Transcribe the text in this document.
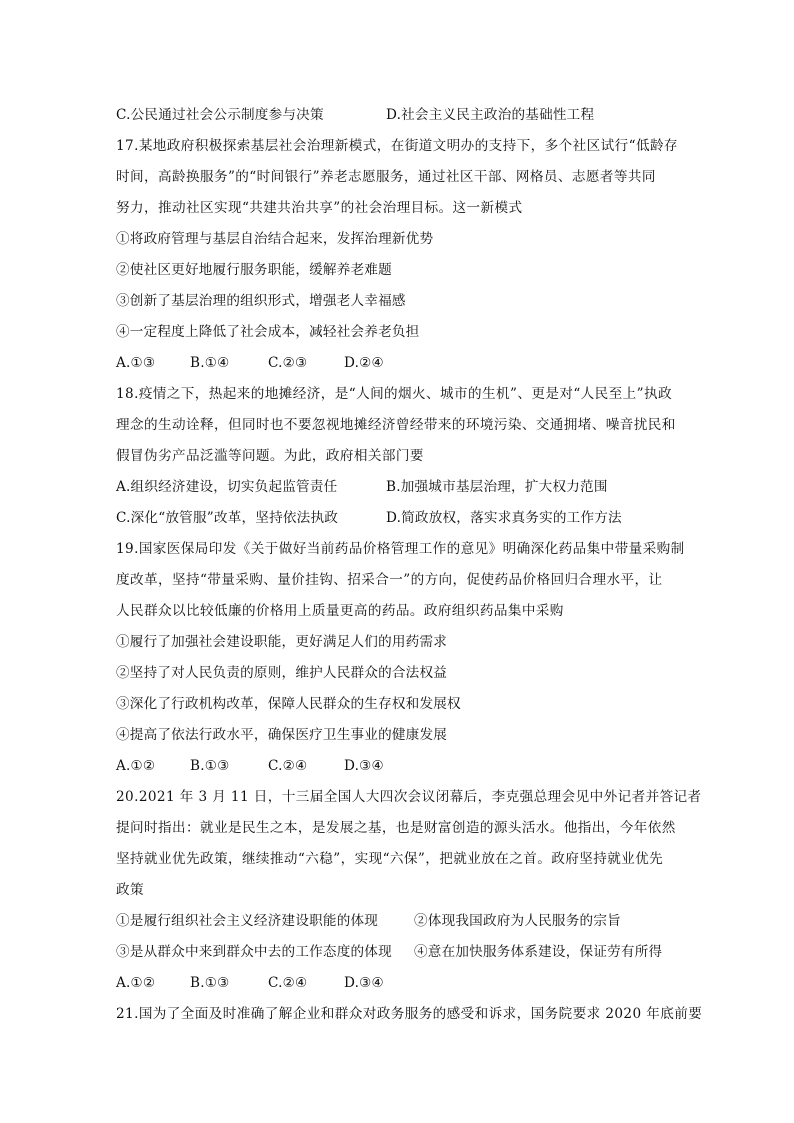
C.公民通过社会公示制度参与决策	D.社会主义民主政治的基础性工程
17.某地政府积极探索基层社会治理新模式，在街道文明办的支持下，多个社区试行“低龄存
时间，高龄换服务”的“时间银行”养老志愿服务，通过社区干部、网格员、志愿者等共同
努力，推动社区实现“共建共治共享”的社会治理目标。这一新模式
①将政府管理与基层自治结合起来，发挥治理新优势
②使社区更好地履行服务职能，缓解养老难题
③创新了基层治理的组织形式，增强老人幸福感
④一定程度上降低了社会成本，减轻社会养老负担
A.①③	B.①④	C.②③	D.②④
18.疫情之下，热起来的地摊经济，是“人间的烟火、城市的生机”、更是对“人民至上”执政
理念的生动诠释，但同时也不要忽视地摊经济曾经带来的环境污染、交通拥堵、噪音扰民和
假冒伪劣产品泛滥等问题。为此，政府相关部门要
A.组织经济建设，切实负起监管责任	B.加强城市基层治理，扩大权力范围
C.深化“放管服”改革，坚持依法执政	D.简政放权，落实求真务实的工作方法
19.国家医保局印发《关于做好当前药品价格管理工作的意见》明确深化药品集中带量采购制
度改革，坚持“带量采购、量价挂钩、招采合一”的方向，促使药品价格回归合理水平，让
人民群众以比较低廉的价格用上质量更高的药品。政府组织药品集中采购
①履行了加强社会建设职能，更好满足人们的用药需求
②坚持了对人民负责的原则，维护人民群众的合法权益
③深化了行政机构改革，保障人民群众的生存权和发展权
④提高了依法行政水平，确保医疗卫生事业的健康发展
A.①②	B.①③	C.②④	D.③④
20.2021 年 3 月 11 日，十三届全国人大四次会议闭幕后，李克强总理会见中外记者并答记者
提问时指出：就业是民生之本，是发展之基，也是财富创造的源头活水。他指出，今年依然
坚持就业优先政策，继续推动“六稳”，实现“六保”，把就业放在之首。政府坚持就业优先
政策
①是履行组织社会主义经济建设职能的体现	②体现我国政府为人民服务的宗旨
③是从群众中来到群众中去的工作态度的体现 ④意在加快服务体系建设，保证劳有所得
A.①②	B.①③	C.②④	D.③④
21.国为了全面及时准确了解企业和群众对政务服务的感受和诉求，国务院要求 2020 年底前要
